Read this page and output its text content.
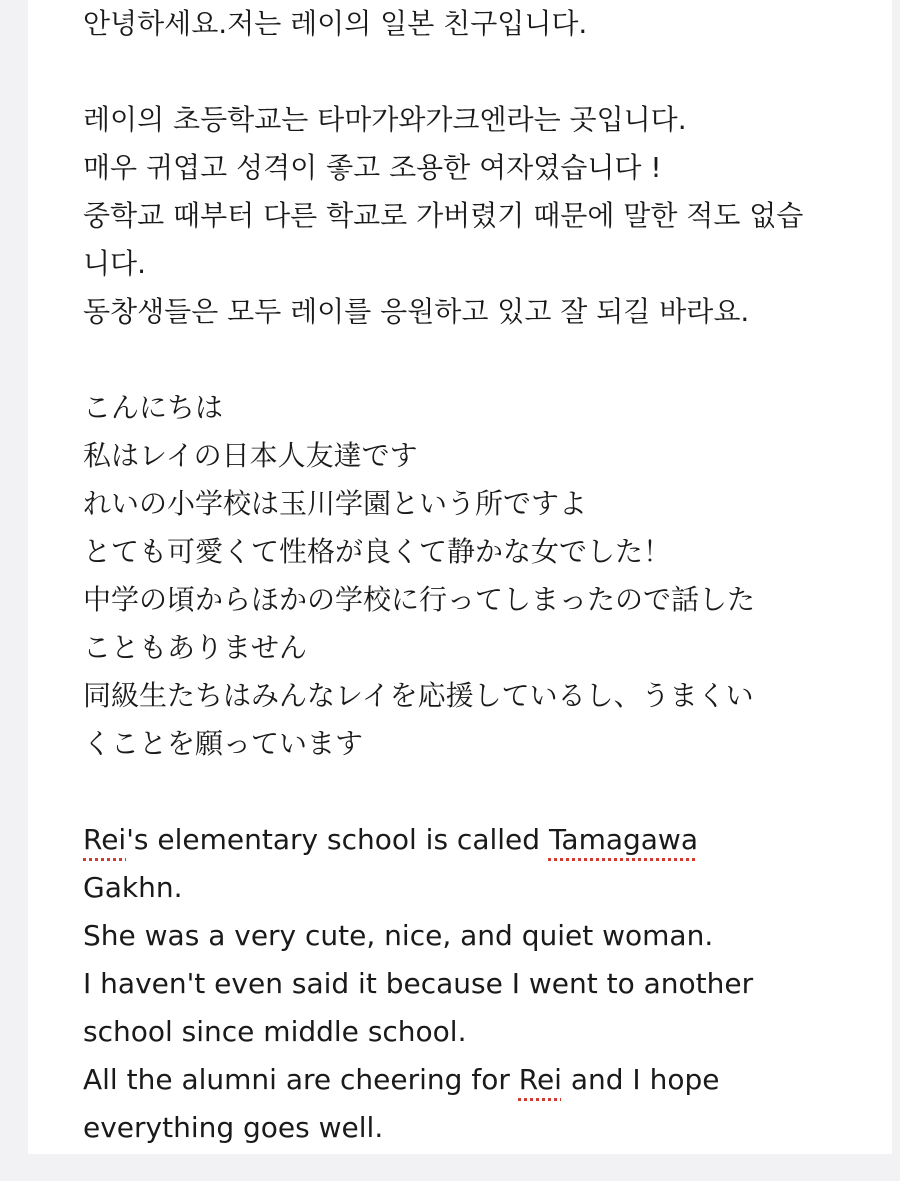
안녕하세요.저는 레이의 일본 친구입니다.
레이의 초등학교는 타마가와가크엔라는 곳입니다.
매우 귀엽고 성격이 좋고 조용한 여자였습니다 !
중학교 때부터 다른 학교로 가버렸기 때문에 말한 적도 없습
니다.
동창생들은 모두 레이를 응원하고 있고 잘 되길 바라요.
こんにちは
私はレイの日本人友達です
れいの小学校は玉川学園という所ですよ
とても可愛くて性格が良くて静かな女でした！
中学の頃からほかの学校に行ってしまったので話した
こともありません
同級生たちはみんなレイを応援しているし、うまくい
くことを願っています
Rei's elementary school is called Tamagawa
Gakhn.
She was a very cute, nice, and quiet woman.
I haven't even said it because I went to another
school since middle school.
All the alumni are cheering for Rei and I hope
everything goes well.
